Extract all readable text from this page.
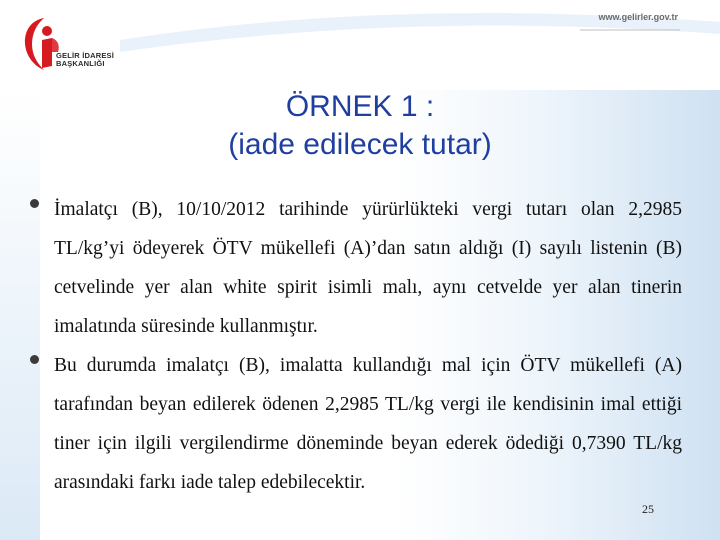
GELİR İDARESİ
BAŞKANLIĞI
www.gelirler.gov.tr
ÖRNEK 1 :
(iade edilecek tutar)
İmalatçı (B), 10/10/2012 tarihinde yürürlükteki vergi tutarı olan 2,2985 TL/kg’yi ödeyerek ÖTV mükellefi (A)’dan satın aldığı (I) sayılı listenin (B) cetvelinde yer alan white spirit isimli malı, aynı cetvelde yer alan tinerin imalatında süresinde kullanmıştır.
Bu durumda imalatçı (B), imalatta kullandığı mal için ÖTV mükellefi (A) tarafından beyan edilerek ödenen 2,2985 TL/kg vergi ile kendisinin imal ettiği tiner için ilgili vergilendirme döneminde beyan ederek ödediği 0,7390 TL/kg arasındaki farkı iade talep edebilecektir.
25
